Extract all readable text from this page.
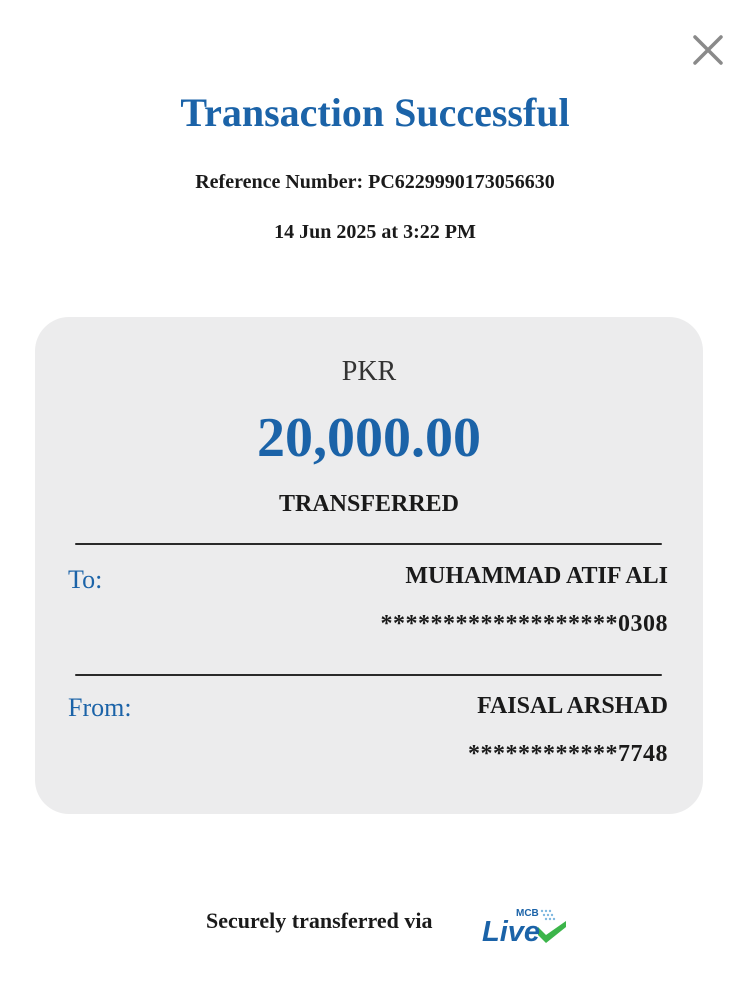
Transaction Successful
Reference Number: PC6229990173056630
14 Jun 2025 at 3:22 PM
PKR
20,000.00
TRANSFERRED
To:	MUHAMMAD ATIF ALI
*******************0308
From:	FAISAL ARSHAD
************7748
Securely transferred via	MCB
Live
